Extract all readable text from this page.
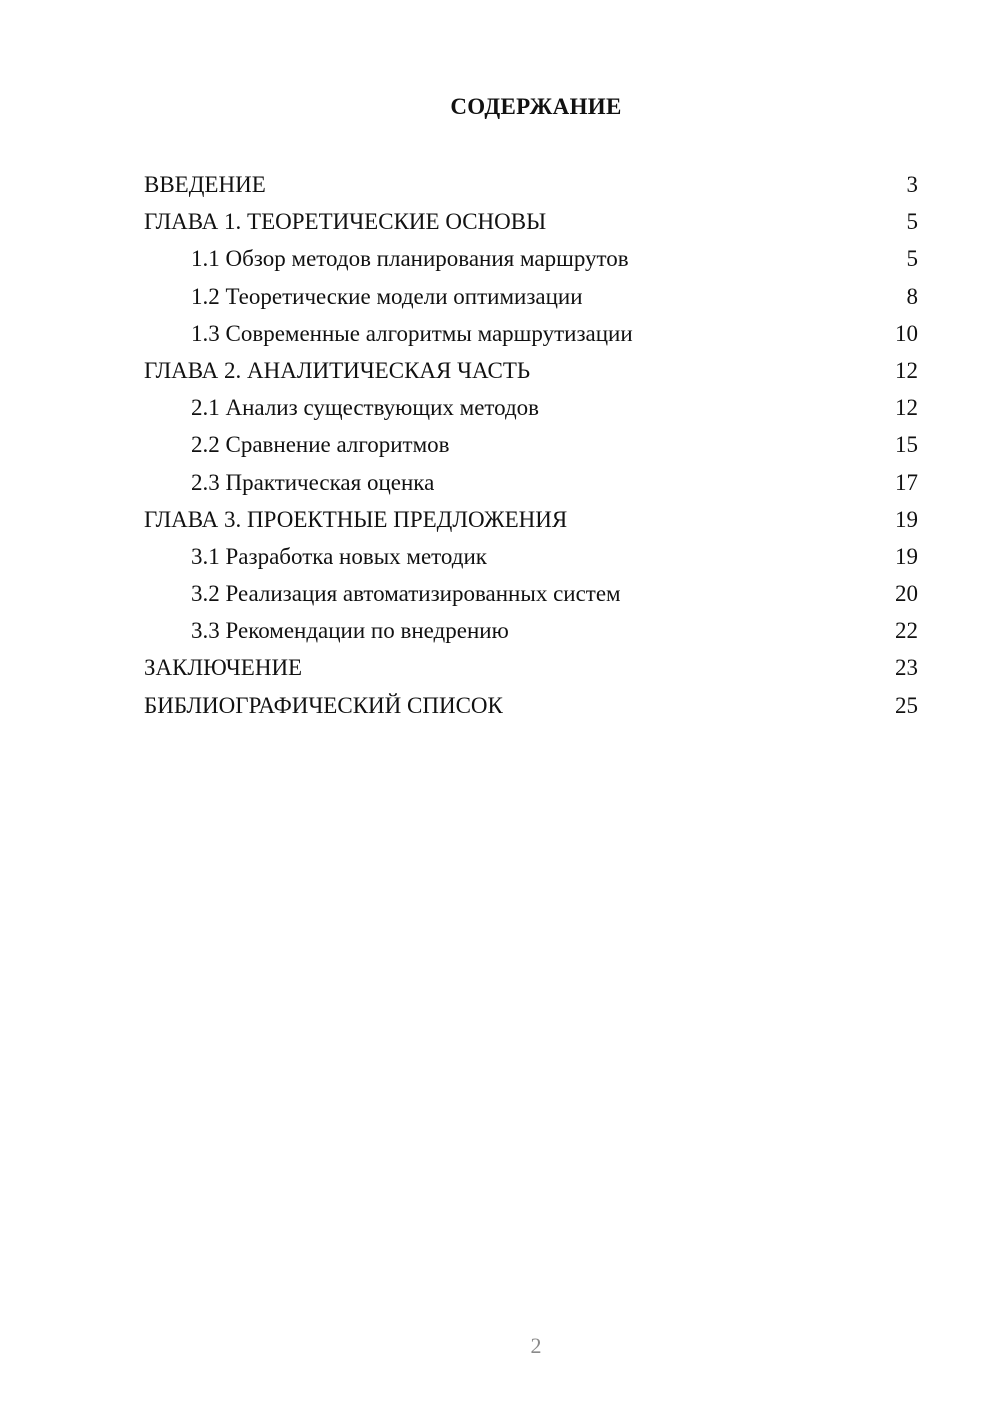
СОДЕРЖАНИЕ
ВВЕДЕНИЕ	3
ГЛАВА 1. ТЕОРЕТИЧЕСКИЕ ОСНОВЫ	5
1.1 Обзор методов планирования маршрутов	5
1.2 Теоретические модели оптимизации	8
1.3 Современные алгоритмы маршрутизации	10
ГЛАВА 2. АНАЛИТИЧЕСКАЯ ЧАСТЬ	12
2.1 Анализ существующих методов	12
2.2 Сравнение алгоритмов	15
2.3 Практическая оценка	17
ГЛАВА 3. ПРОЕКТНЫЕ ПРЕДЛОЖЕНИЯ	19
3.1 Разработка новых методик	19
3.2 Реализация автоматизированных систем	20
3.3 Рекомендации по внедрению	22
ЗАКЛЮЧЕНИЕ	23
БИБЛИОГРАФИЧЕСКИЙ СПИСОК	25
2
